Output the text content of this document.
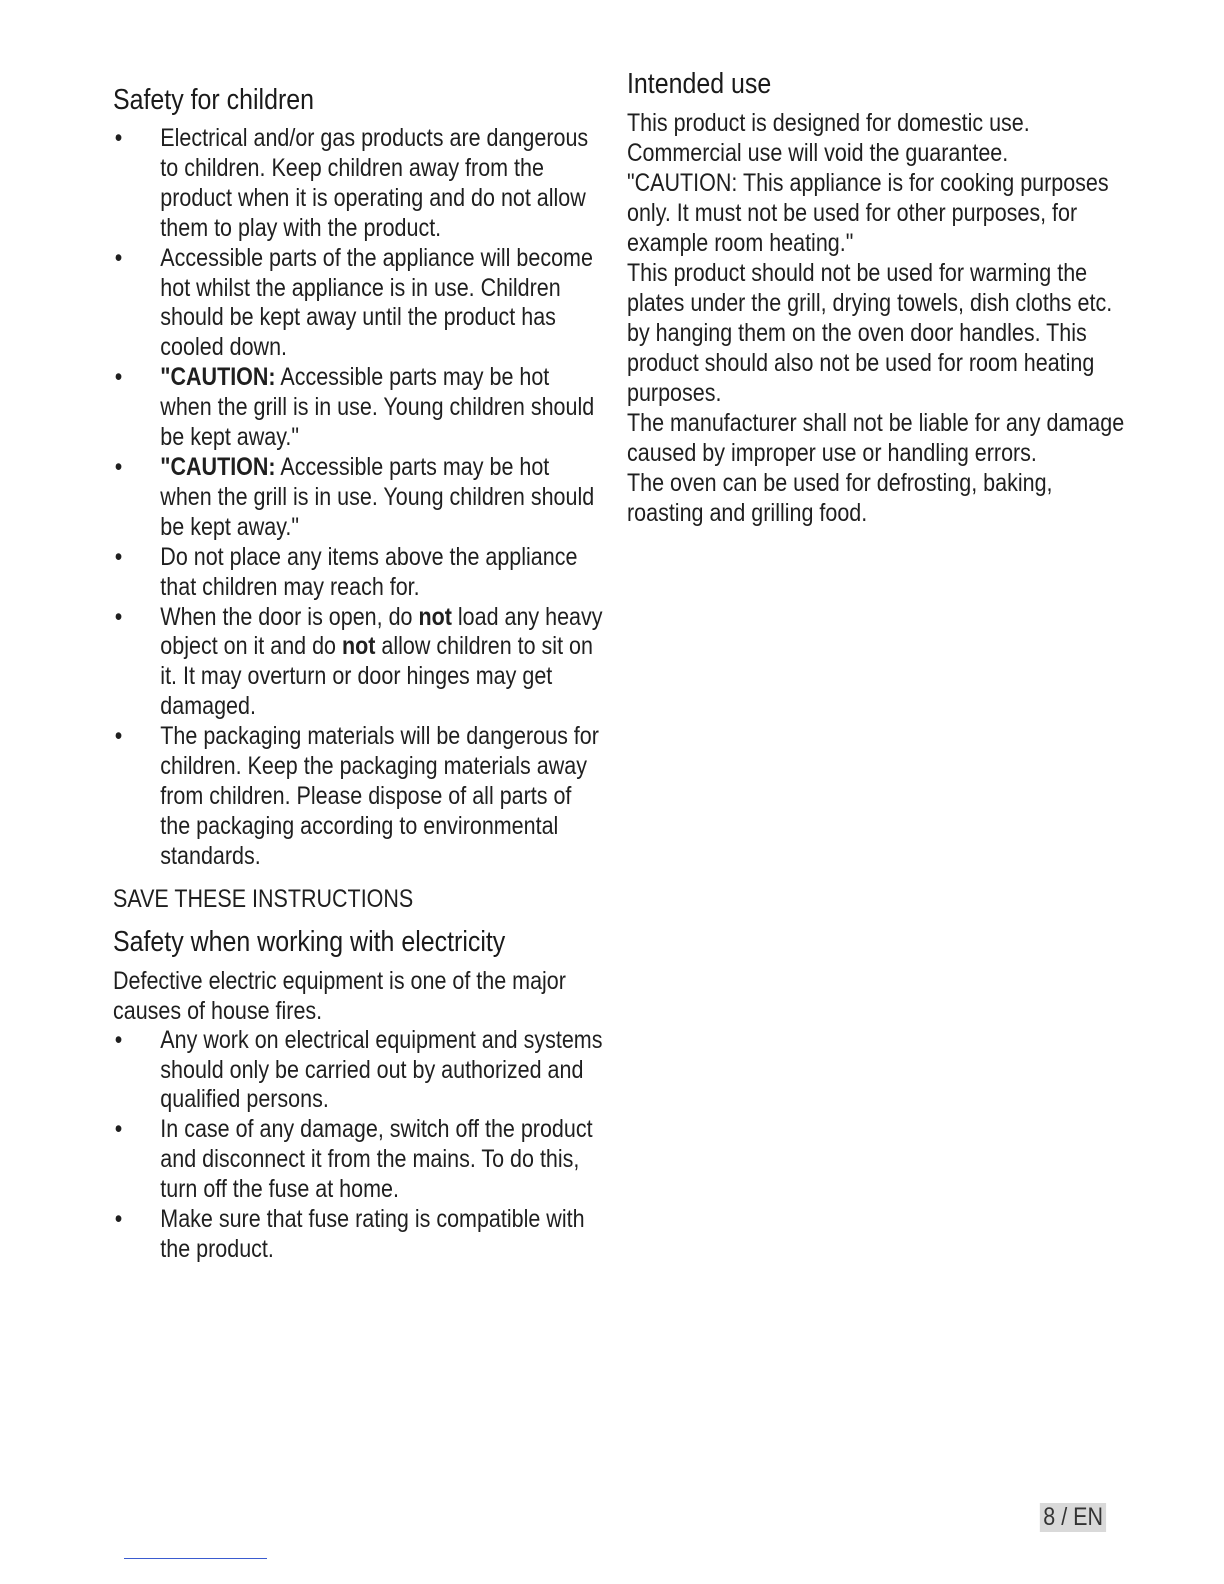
Safety for children
• Electrical and/or gas products are dangerous to children. Keep children away from the product when it is operating and do not allow them to play with the product.
• Accessible parts of the appliance will become hot whilst the appliance is in use. Children should be kept away until the product has cooled down.
• "CAUTION: Accessible parts may be hot when the grill is in use. Young children should be kept away."
• "CAUTION: Accessible parts may be hot when the grill is in use. Young children should be kept away."
• Do not place any items above the appliance that children may reach for.
• When the door is open, do not load any heavy object on it and do not allow children to sit on it. It may overturn or door hinges may get damaged.
• The packaging materials will be dangerous for children. Keep the packaging materials away from children. Please dispose of all parts of the packaging according to environmental standards.
SAVE THESE INSTRUCTIONS
Safety when working with electricity

Defective electric equipment is one of the major causes of house fires.

• Any work on electrical equipment and systems should only be carried out by authorized and qualified persons.
• In case of any damage, switch off the product and disconnect it from the mains. To do this, turn off the fuse at home.
• Make sure that fuse rating is compatible with the product.
Intended use

This product is designed for domestic use. Commercial use will void the guarantee.

"CAUTION: This appliance is for cooking purposes only. It must not be used for other purposes, for example room heating."

This product should not be used for warming the plates under the grill, drying towels, dish cloths etc. by hanging them on the oven door handles. This product should also not be used for room heating purposes.

The manufacturer shall not be liable for any damage caused by improper use or handling errors.

The oven can be used for defrosting, baking, roasting and grilling food.

8 / EN
